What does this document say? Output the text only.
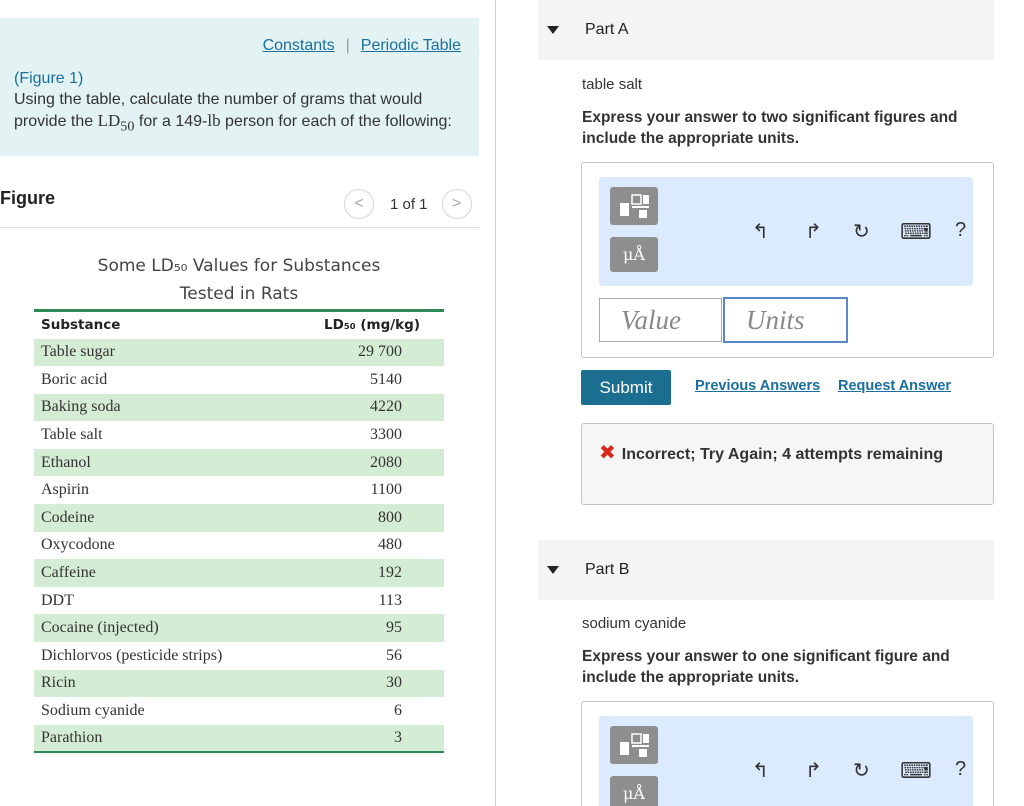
Constants | Periodic Table
(Figure 1)
Using the table, calculate the number of grams that would provide the $LD_{50}$ for a 149-lb person for each of the following:
Figure	< 1 of 1 >
Some LD₅₀ Values for Substances
Tested in Rats
Substance	LD₅₀ (mg/kg)
Table sugar	29 700
Boric acid	5140
Baking soda	4220
Table salt	3300
Ethanol	2080
Aspirin	1100
Codeine	800
Oxycodone	480
Caffeine	192
DDT	113
Cocaine (injected)	95
Dichlorvos (pesticide strips)	56
Ricin	30
Sodium cyanide	6
Parathion	3
Part A
table salt
Express your answer to two significant figures and include the appropriate units.
μÅ
↰ ↱ ↻ ⌨ ?
Value	Units
Submit	Previous Answers Request Answer
✖ Incorrect; Try Again; 4 attempts remaining
Part B
sodium cyanide
Express your answer to one significant figure and include the appropriate units.
μÅ
↰ ↱ ↻ ⌨ ?
